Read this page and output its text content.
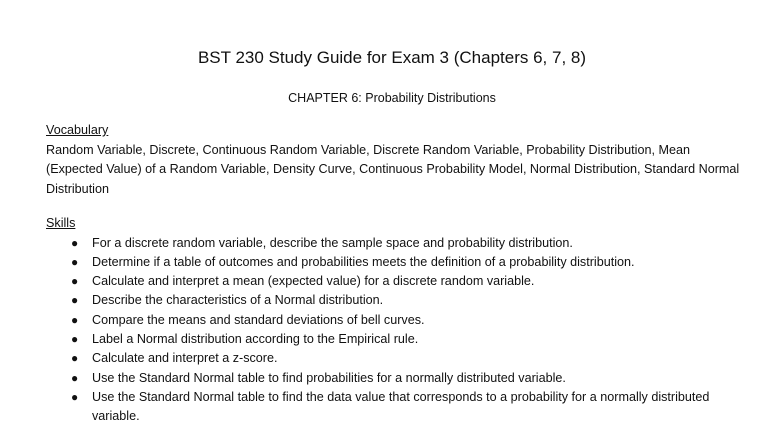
BST 230 Study Guide for Exam 3 (Chapters 6, 7, 8)
CHAPTER 6: Probability Distributions
Vocabulary
Random Variable, Discrete, Continuous Random Variable, Discrete Random Variable, Probability Distribution, Mean (Expected Value) of a Random Variable, Density Curve, Continuous Probability Model, Normal Distribution, Standard Normal Distribution
Skills
● For a discrete random variable, describe the sample space and probability distribution.
● Determine if a table of outcomes and probabilities meets the definition of a probability distribution.
● Calculate and interpret a mean (expected value) for a discrete random variable.
● Describe the characteristics of a Normal distribution.
● Compare the means and standard deviations of bell curves.
● Label a Normal distribution according to the Empirical rule.
● Calculate and interpret a z-score.
● Use the Standard Normal table to find probabilities for a normally distributed variable.
● Use the Standard Normal table to find the data value that corresponds to a probability for a normally distributed variable.
